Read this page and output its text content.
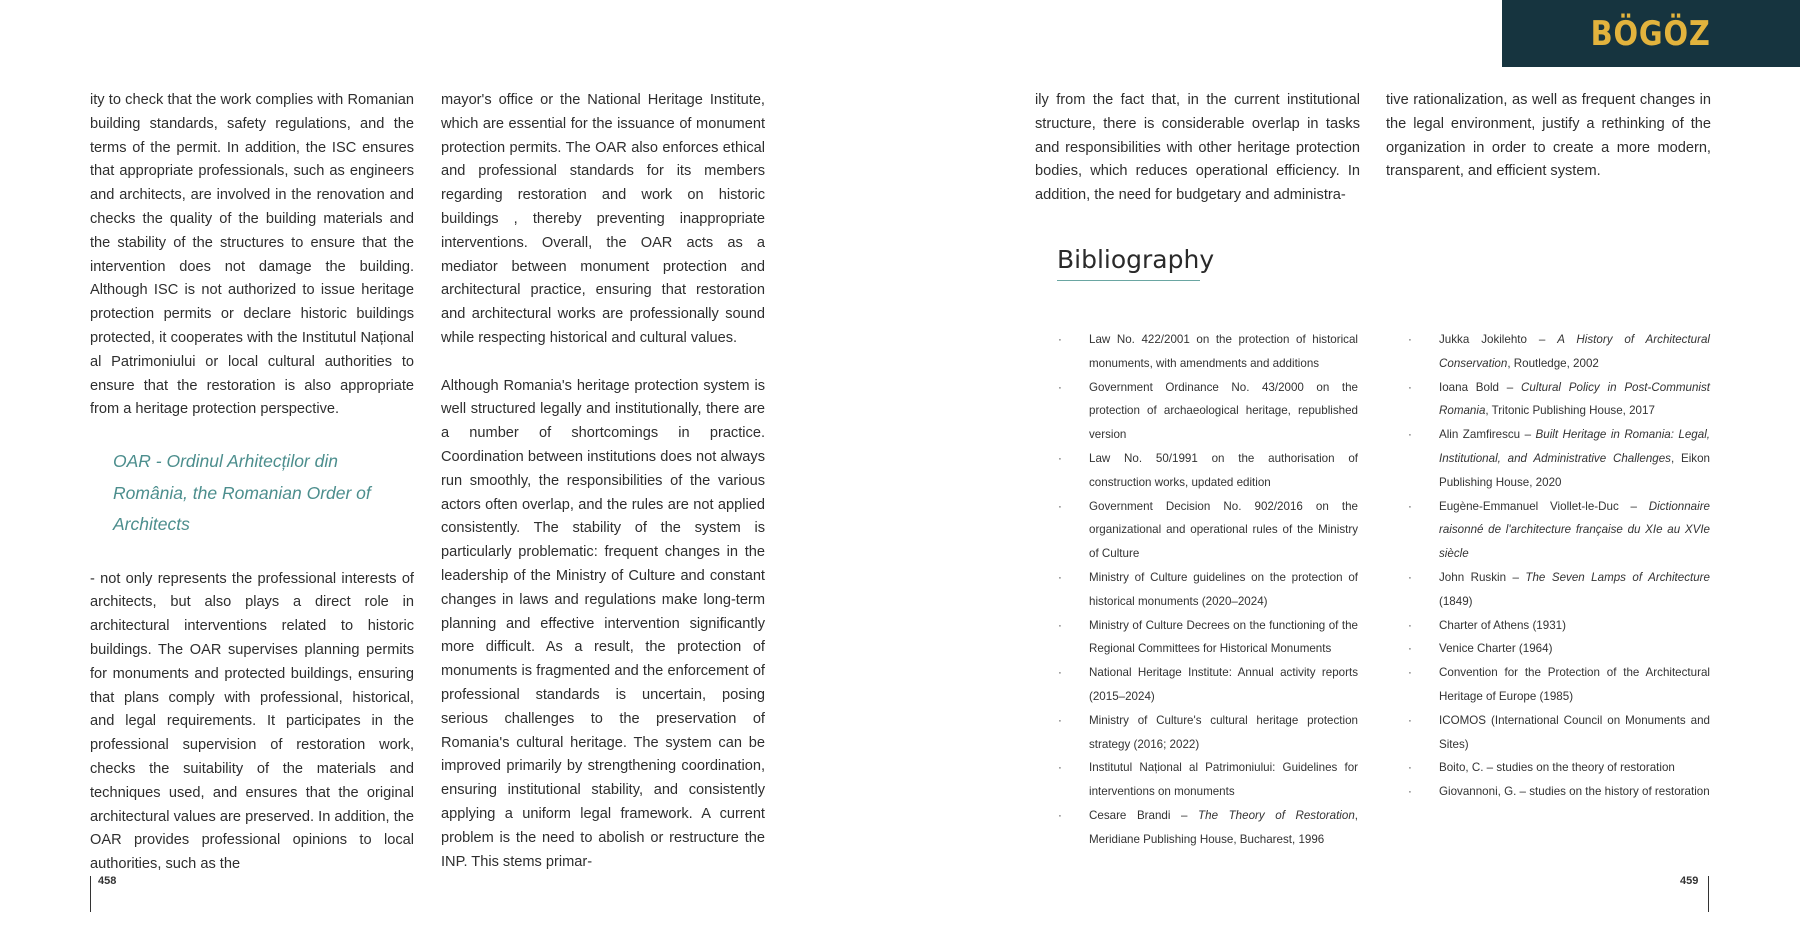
BÖGÖZ

ity to check that the work complies with Romanian building standards, safety regulations, and the terms of the permit. In addition, the ISC ensures that appropriate professionals, such as engineers and architects, are involved in the renovation and checks the quality of the building materials and the stability of the structures to ensure that the intervention does not damage the building. Although ISC is not authorized to issue heritage protection permits or declare historic buildings protected, it cooperates with the Institutul Național al Patrimoniului or local cultural authorities to ensure that the restoration is also appropriate from a heritage protection perspective.

OAR - Ordinul Arhitecților din România, the Romanian Order of Architects

- not only represents the professional interests of architects, but also plays a direct role in architectural interventions related to historic buildings. The OAR supervises planning permits for monuments and protected buildings, ensuring that plans comply with professional, historical, and legal requirements. It participates in the professional supervision of restoration work, checks the suitability of the materials and techniques used, and ensures that the original architectural values are preserved. In addition, the OAR provides professional opinions to local authorities, such as the

mayor's office or the National Heritage Institute, which are essential for the issuance of monument protection permits. The OAR also enforces ethical and professional standards for its members regarding restoration and work on historic buildings , thereby preventing inappropriate interventions. Overall, the OAR acts as a mediator between monument protection and architectural practice, ensuring that restoration and architectural works are professionally sound while respecting historical and cultural values.

Although Romania's heritage protection system is well structured legally and institutionally, there are a number of shortcomings in practice. Coordination between institutions does not always run smoothly, the responsibilities of the various actors often overlap, and the rules are not applied consistently. The stability of the system is particularly problematic: frequent changes in the leadership of the Ministry of Culture and constant changes in laws and regulations make long-term planning and effective intervention significantly more difficult. As a result, the protection of monuments is fragmented and the enforcement of professional standards is uncertain, posing serious challenges to the preservation of Romania's cultural heritage. The system can be improved primarily by strengthening coordination, ensuring institutional stability, and consistently applying a uniform legal framework. A current problem is the need to abolish or restructure the INP. This stems primar-

458

ily from the fact that, in the current institutional structure, there is considerable overlap in tasks and responsibilities with other heritage protection bodies, which reduces operational efficiency. In addition, the need for budgetary and administra-

tive rationalization, as well as frequent changes in the legal environment, justify a rethinking of the organization in order to create a more modern, transparent, and efficient system.

Bibliography
·	Law No. 422/2001 on the protection of historical monuments, with amendments and additions
·	Government Ordinance No. 43/2000 on the protection of archaeological heritage, republished version
·	Law No. 50/1991 on the authorisation of construction works, updated edition
·	Government Decision No. 902/2016 on the organizational and operational rules of the Ministry of Culture
·	Ministry of Culture guidelines on the protection of historical monuments (2020–2024)
·	Ministry of Culture Decrees on the functioning of the Regional Committees for Historical Monuments
·	National Heritage Institute: Annual activity reports (2015–2024)
·	Ministry of Culture's cultural heritage protection strategy (2016; 2022)
·	Institutul Național al Patrimoniului: Guidelines for interventions on monuments
·	Cesare Brandi – The Theory of Restoration, Meridiane Publishing House, Bucharest, 1996
·	Jukka Jokilehto – A History of Architectural Conservation, Routledge, 2002
·	Ioana Bold – Cultural Policy in Post-Communist Romania, Tritonic Publishing House, 2017
·	Alin Zamfirescu – Built Heritage in Romania: Legal, Institutional, and Administrative Challenges, Eikon Publishing House, 2020
·	Eugène-Emmanuel Viollet-le-Duc – Dictionnaire raisonné de l'architecture française du XIe au XVIe siècle
·	John Ruskin – The Seven Lamps of Architecture (1849)
·	Charter of Athens (1931)
·	Venice Charter (1964)
·	Convention for the Protection of the Architectural Heritage of Europe (1985)
·	ICOMOS (International Council on Monuments and Sites)
·	Boito, C. – studies on the theory of restoration
·	Giovannoni, G. – studies on the history of restoration
459
